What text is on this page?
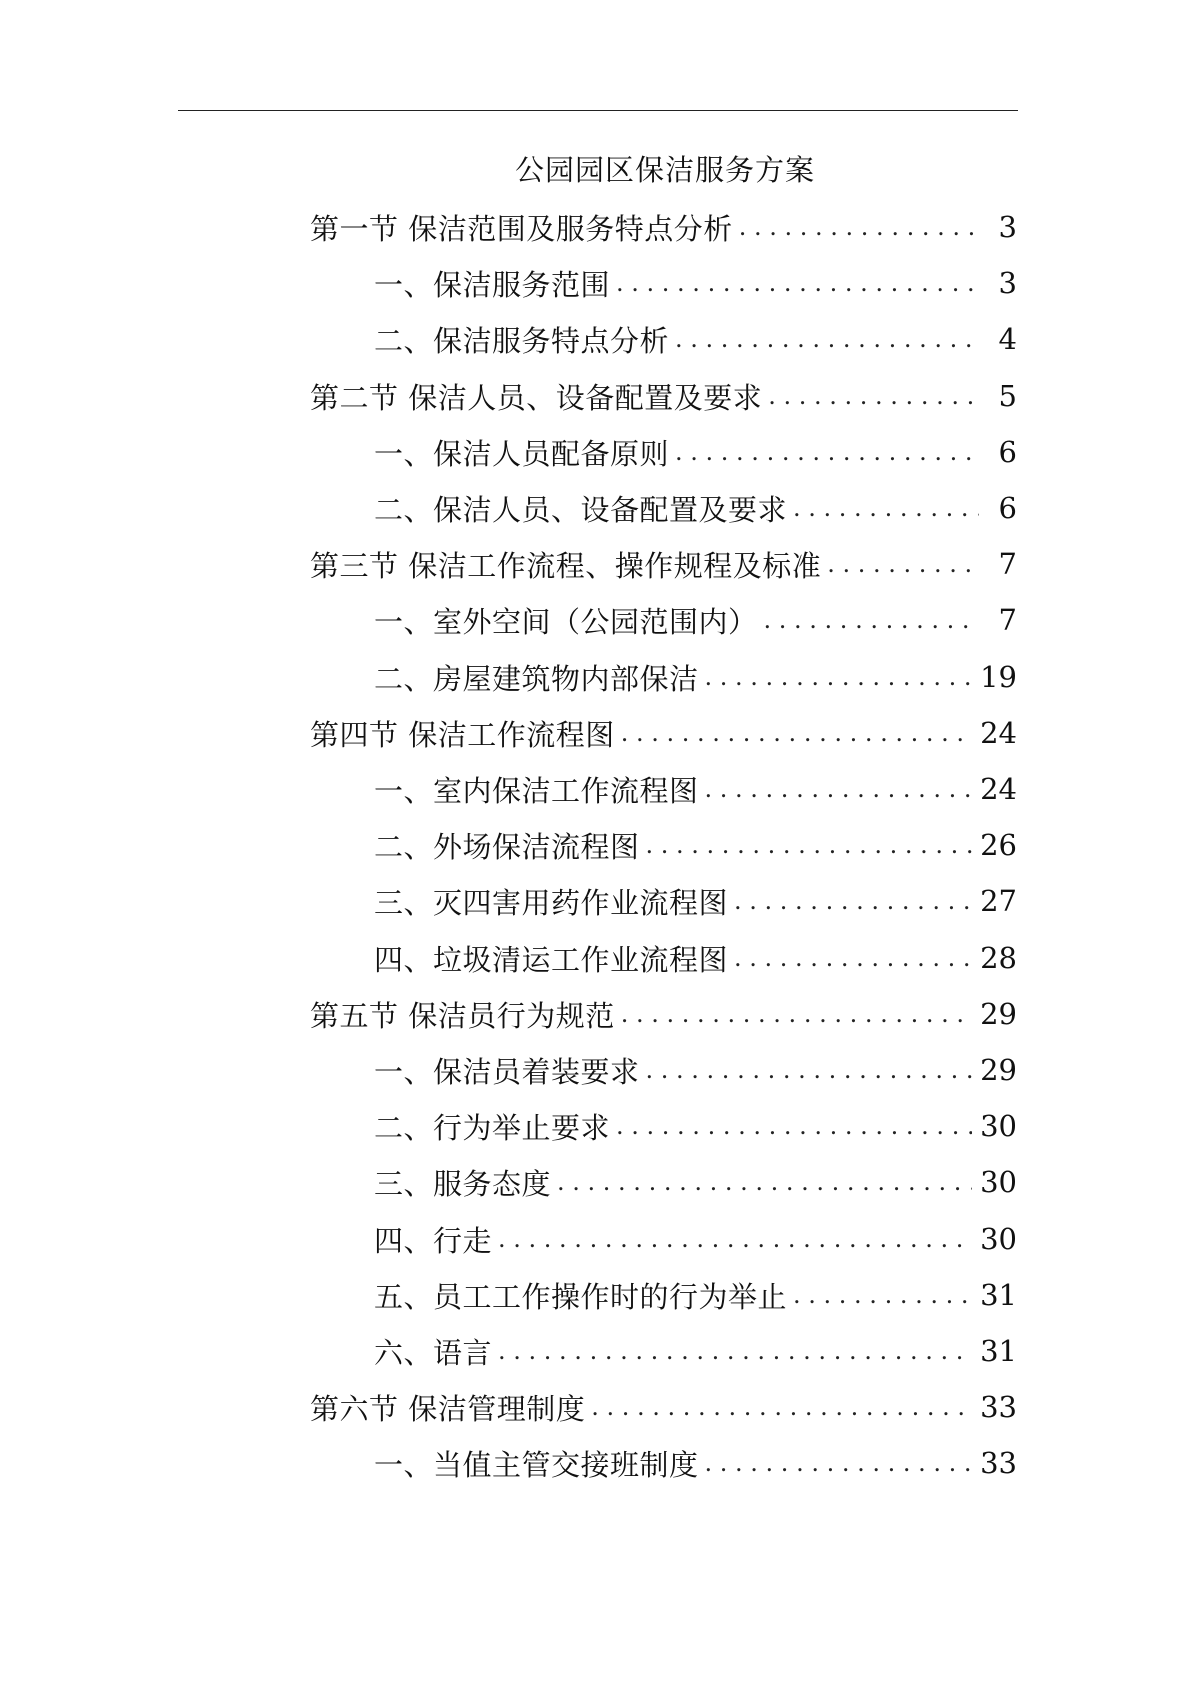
公园园区保洁服务方案
第一节 保洁范围及服务特点分析 . . .	3
一、保洁服务范围 . . .	3
二、保洁服务特点分析 . . .	4
第二节 保洁人员、设备配置及要求 . . .	5
一、保洁人员配备原则 . . .	6
二、保洁人员、设备配置及要求 . . .	6
第三节 保洁工作流程、操作规程及标准 . . .	7
一、室外空间（公园范围内） . . .	7
二、房屋建筑物内部保洁 . . .	19
第四节 保洁工作流程图 . . .	24
一、室内保洁工作流程图 . . .	24
二、外场保洁流程图 . . .	26
三、灭四害用药作业流程图 . . .	27
四、垃圾清运工作业流程图 . . .	28
第五节 保洁员行为规范 . . .	29
一、保洁员着装要求 . . .	29
二、行为举止要求 . . .	30
三、服务态度 . . .	30
四、行走 . . .	30
五、员工工作操作时的行为举止 . . .	31
六、语言 . . .	31
第六节 保洁管理制度 . . .	33
一、当值主管交接班制度 . . .	33
